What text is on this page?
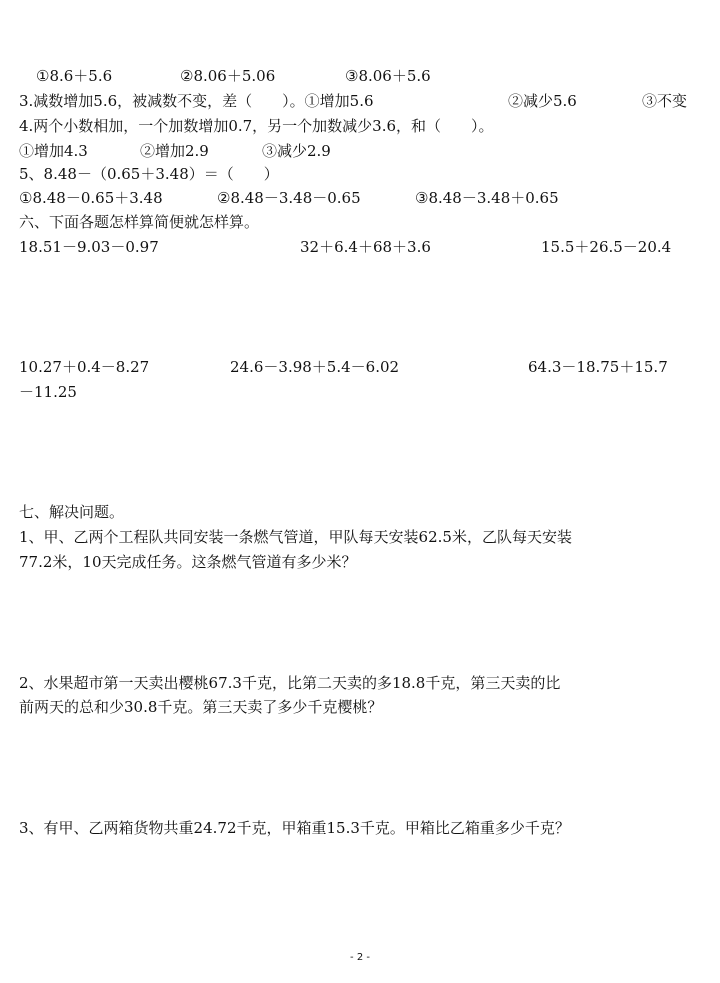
①8.6＋5.6	②8.06＋5.06	③8.06＋5.6
3.减数增加5.6，被减数不变，差（　　）。①增加5.6	②减少5.6	③不变
4.两个小数相加，一个加数增加0.7，另一个加数减少3.6，和（　　）。
①增加4.3	②增加2.9	③减少2.9
5、8.48－（0.65＋3.48）＝（　　）
①8.48－0.65＋3.48	②8.48－3.48－0.65	③8.48－3.48＋0.65
六、下面各题怎样算简便就怎样算。
18.51－9.03－0.97	32＋6.4＋68＋3.6	15.5＋26.5－20.4
10.27＋0.4－8.27	24.6－3.98＋5.4－6.02	64.3－18.75＋15.7
－11.25
七、解决问题。
1、甲、乙两个工程队共同安装一条燃气管道，甲队每天安装62.5米，乙队每天安装
77.2米，10天完成任务。这条燃气管道有多少米？
2、水果超市第一天卖出樱桃67.3千克，比第二天卖的多18.8千克，第三天卖的比
前两天的总和少30.8千克。第三天卖了多少千克樱桃？
3、有甲、乙两箱货物共重24.72千克，甲箱重15.3千克。甲箱比乙箱重多少千克？
- 2 -
